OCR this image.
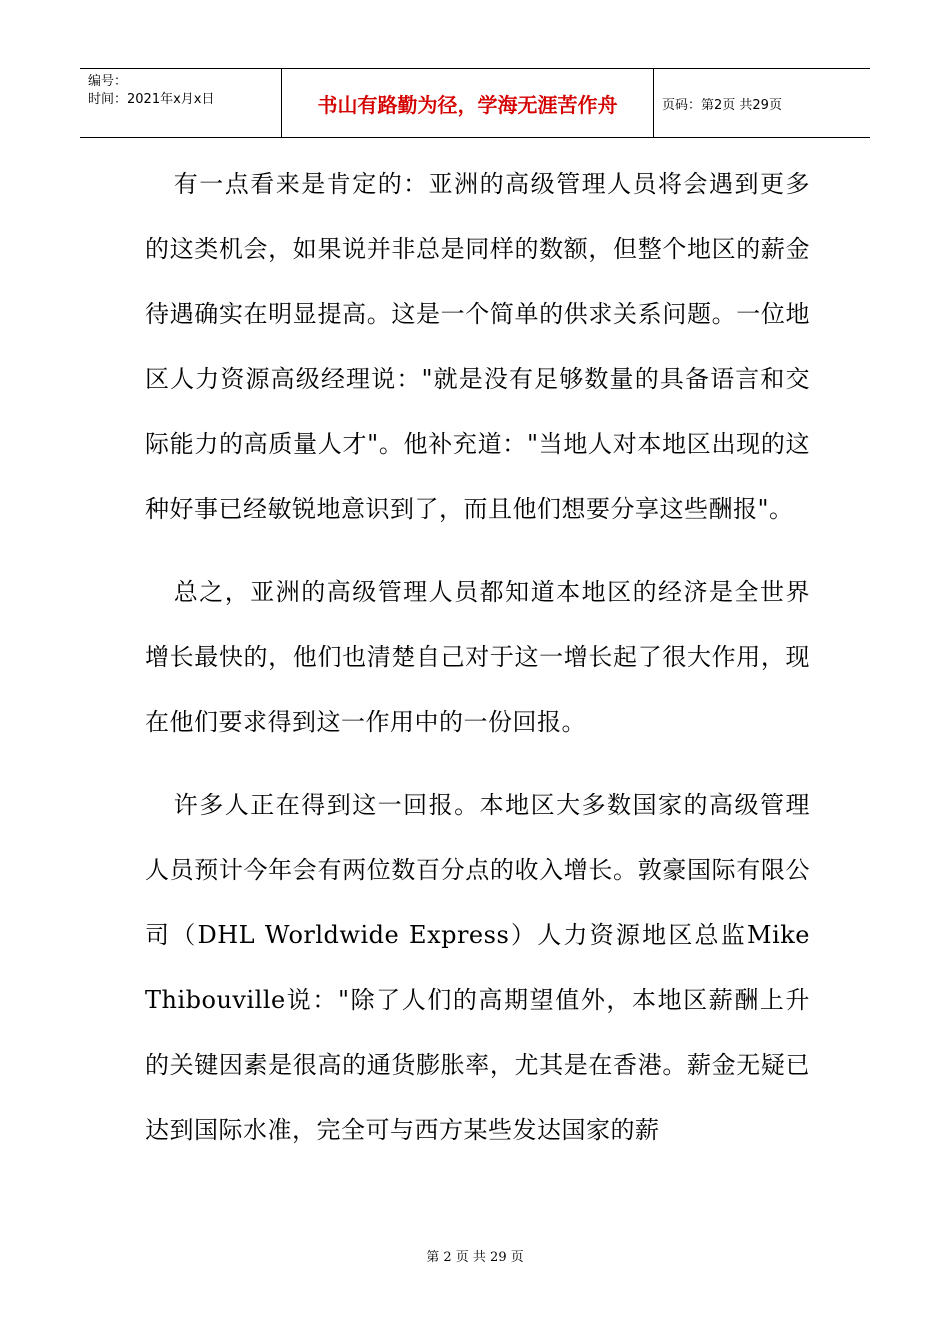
编号：
时间：2021年x月x日	书山有路勤为径，学海无涯苦作舟	页码：第2页 共29页

有一点看来是肯定的：亚洲的高级管理人员将会遇到更多的这类机会，如果说并非总是同样的数额，但整个地区的薪金待遇确实在明显提高。这是一个简单的供求关系问题。一位地区人力资源高级经理说："就是没有足够数量的具备语言和交际能力的高质量人才"。他补充道："当地人对本地区出现的这种好事已经敏锐地意识到了，而且他们想要分享这些酬报"。

总之，亚洲的高级管理人员都知道本地区的经济是全世界增长最快的，他们也清楚自己对于这一增长起了很大作用，现在他们要求得到这一作用中的一份回报。

许多人正在得到这一回报。本地区大多数国家的高级管理人员预计今年会有两位数百分点的收入增长。敦豪国际有限公司（DHL Worldwide Express）人力资源地区总监Mike Thibouville说："除了人们的高期望值外，本地区薪酬上升的关键因素是很高的通货膨胀率，尤其是在香港。薪金无疑已达到国际水准，完全可与西方某些发达国家的薪

第 2 页 共 29 页
